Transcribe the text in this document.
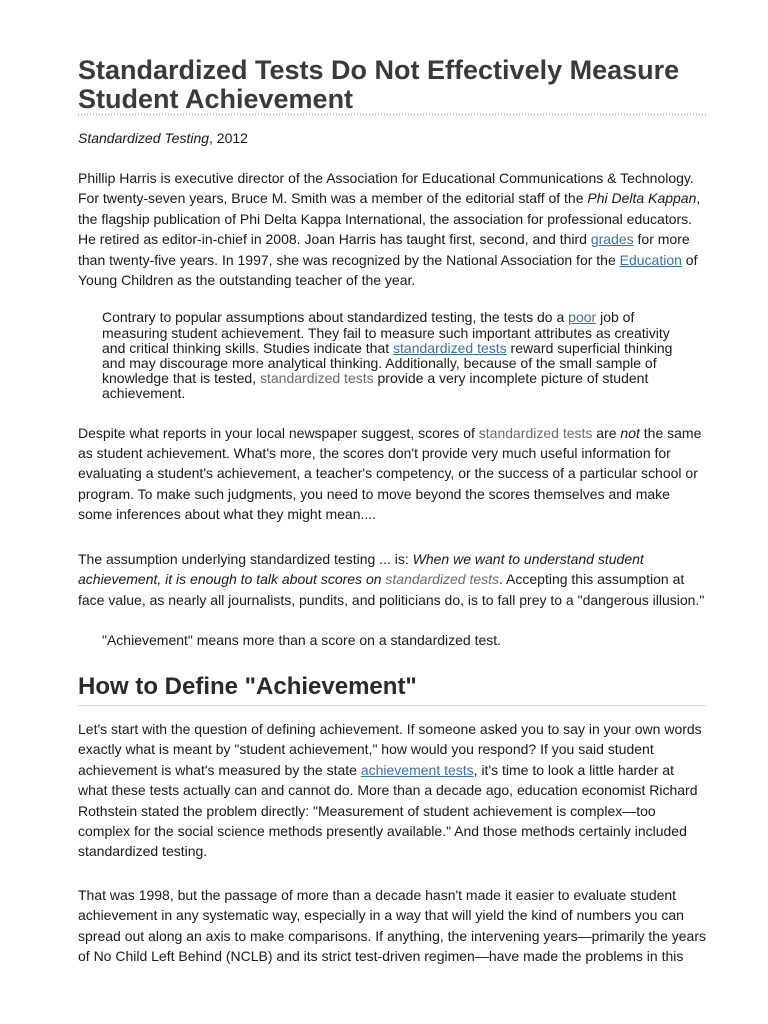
Standardized Tests Do Not Effectively Measure Student Achievement

Standardized Testing, 2012

Phillip Harris is executive director of the Association for Educational Communications & Technology. For twenty-seven years, Bruce M. Smith was a member of the editorial staff of the Phi Delta Kappan, the flagship publication of Phi Delta Kappa International, the association for professional educators. He retired as editor-in-chief in 2008. Joan Harris has taught first, second, and third grades for more than twenty-five years. In 1997, she was recognized by the National Association for the Education of Young Children as the outstanding teacher of the year.

Contrary to popular assumptions about standardized testing, the tests do a poor job of measuring student achievement. They fail to measure such important attributes as creativity and critical thinking skills. Studies indicate that standardized tests reward superficial thinking and may discourage more analytical thinking. Additionally, because of the small sample of knowledge that is tested, standardized tests provide a very incomplete picture of student achievement.

Despite what reports in your local newspaper suggest, scores of standardized tests are not the same as student achievement. What's more, the scores don't provide very much useful information for evaluating a student's achievement, a teacher's competency, or the success of a particular school or program. To make such judgments, you need to move beyond the scores themselves and make some inferences about what they might mean....

The assumption underlying standardized testing ... is: When we want to understand student achievement, it is enough to talk about scores on standardized tests. Accepting this assumption at face value, as nearly all journalists, pundits, and politicians do, is to fall prey to a "dangerous illusion."

"Achievement" means more than a score on a standardized test.

How to Define "Achievement"

Let's start with the question of defining achievement. If someone asked you to say in your own words exactly what is meant by "student achievement," how would you respond? If you said student achievement is what's measured by the state achievement tests, it's time to look a little harder at what these tests actually can and cannot do. More than a decade ago, education economist Richard Rothstein stated the problem directly: "Measurement of student achievement is complex—too complex for the social science methods presently available." And those methods certainly included standardized testing.

That was 1998, but the passage of more than a decade hasn't made it easier to evaluate student achievement in any systematic way, especially in a way that will yield the kind of numbers you can spread out along an axis to make comparisons. If anything, the intervening years—primarily the years of No Child Left Behind (NCLB) and its strict test-driven regimen—have made the problems in this
